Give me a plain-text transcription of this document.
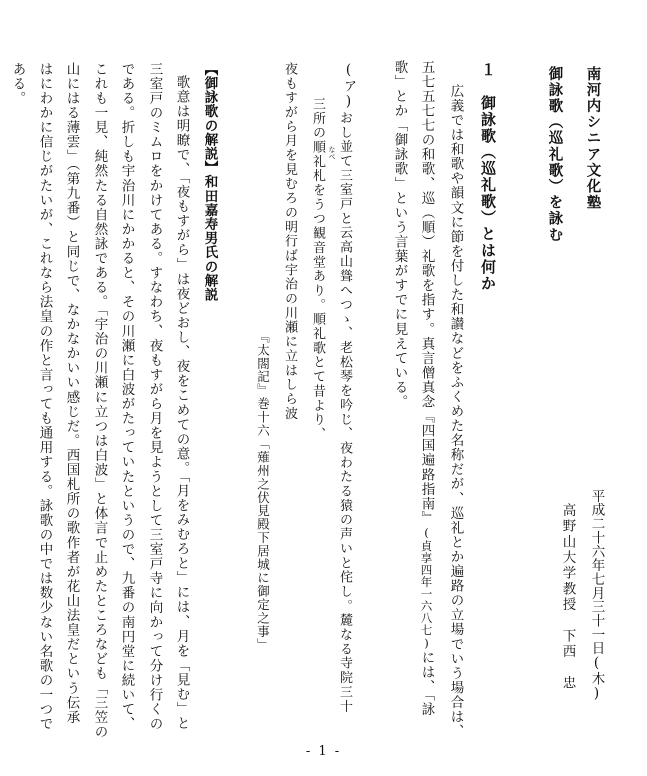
南河内シニア文化塾
御詠歌（巡礼歌）を詠む
平成二十六年七月三十一日(木)
高野山大学教授　下西　忠
１　御詠歌（巡礼歌）とは何か
広義では和歌や韻文に節を付した和讃などをふくめた名称だが、巡礼とか遍路の立場でいう場合は、
五七五七七の和歌、巡（順）礼歌を指す。真言僧真念『四国遍路指南』(貞享四年一六八七)には、「詠
歌」とか「御詠歌」という言葉がすでに見えている。
(ア)
なべ おし並て三室戸と云高山聳へつゝ、老松琴を吟じ、夜わたる猿の声いと侘し。麓なる寺院三十
三所の順礼札をうつ観音堂あり。順礼歌とて昔より、
夜もすがら月を見むろの明行ば宇治の川瀬に立はしら波
『太閤記』巻十六「薙州之伏見殿下居城に御定之事」
【御詠歌の解説】和田嘉寿男氏の解説
歌意は明瞭で、「夜もすがら」は夜どおし、夜をこめての意。「月をみむろと」には、月を「見む」と
三室戸のミムロをかけてある。すなわち、夜もすがら月を見ようとして三室戸寺に向かって分け行くの
である。折しも宇治川にかかると、その川瀬に白波がたっていたというので、九番の南円堂に続いて、
これも一見、純然たる自然詠である。「宇治の川瀬に立つは白波」と体言で止めたところなども「三笠の
山にはる薄雲」（第九番）と同じで、なかなかいい感じだ。西国札所の歌作者が花山法皇だという伝承
はにわかに信じがたいが、これなら法皇の作と言っても通用する。詠歌の中では数少ない名歌の一つで
ある。
- 1 -
